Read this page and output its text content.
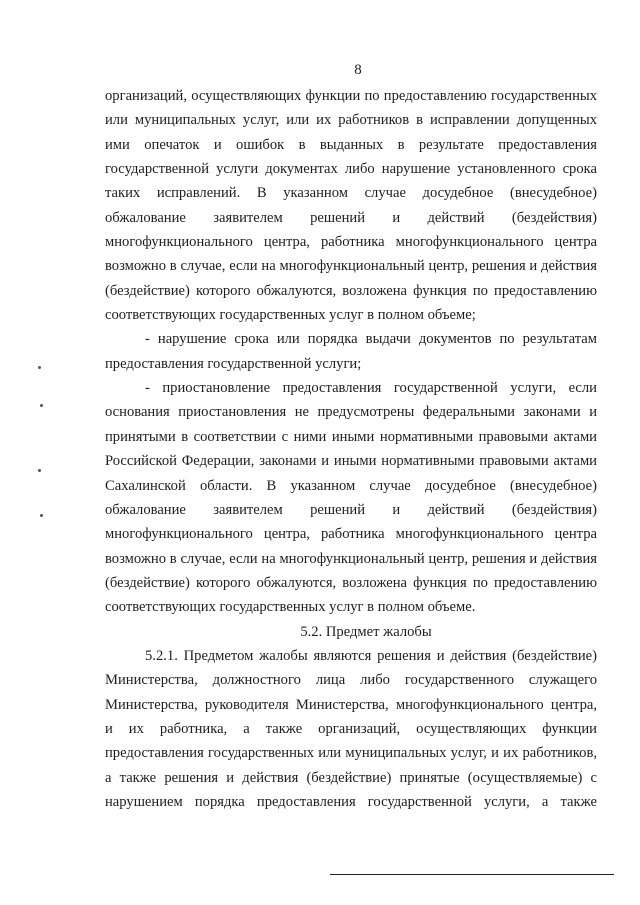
8

организаций, осуществляющих функции по предоставлению государственных
или муниципальных услуг, или их работников в исправлении допущенных
ими опечаток и ошибок в выданных в результате предоставления
государственной услуги документах либо нарушение установленного срока
таких исправлений. В указанном случае досудебное (внесудебное)
обжалование заявителем решений и действий (бездействия)
многофункционального центра, работника многофункционального центра
возможно в случае, если на многофункциональный центр, решения и действия
(бездействие) которого обжалуются, возложена функция по предоставлению
соответствующих государственных услуг в полном объеме;

- нарушение срока или порядка выдачи документов по результатам
предоставления государственной услуги;

- приостановление предоставления государственной услуги, если
основания приостановления не предусмотрены федеральными законами и
принятыми в соответствии с ними иными нормативными правовыми актами
Российской Федерации, законами и иными нормативными правовыми актами
Сахалинской области. В указанном случае досудебное (внесудебное)
обжалование заявителем решений и действий (бездействия)
многофункционального центра, работника многофункционального центра
возможно в случае, если на многофункциональный центр, решения и действия
(бездействие) которого обжалуются, возложена функция по предоставлению
соответствующих государственных услуг в полном объеме.

5.2. Предмет жалобы

5.2.1. Предметом жалобы являются решения и действия (бездействие)
Министерства, должностного лица либо государственного служащего
Министерства, руководителя Министерства, многофункционального центра,
и их работника, а также организаций, осуществляющих функции
предоставления государственных или муниципальных услуг, и их работников,
а также решения и действия (бездействие) принятые (осуществляемые) с
нарушением порядка предоставления государственной услуги, а также
